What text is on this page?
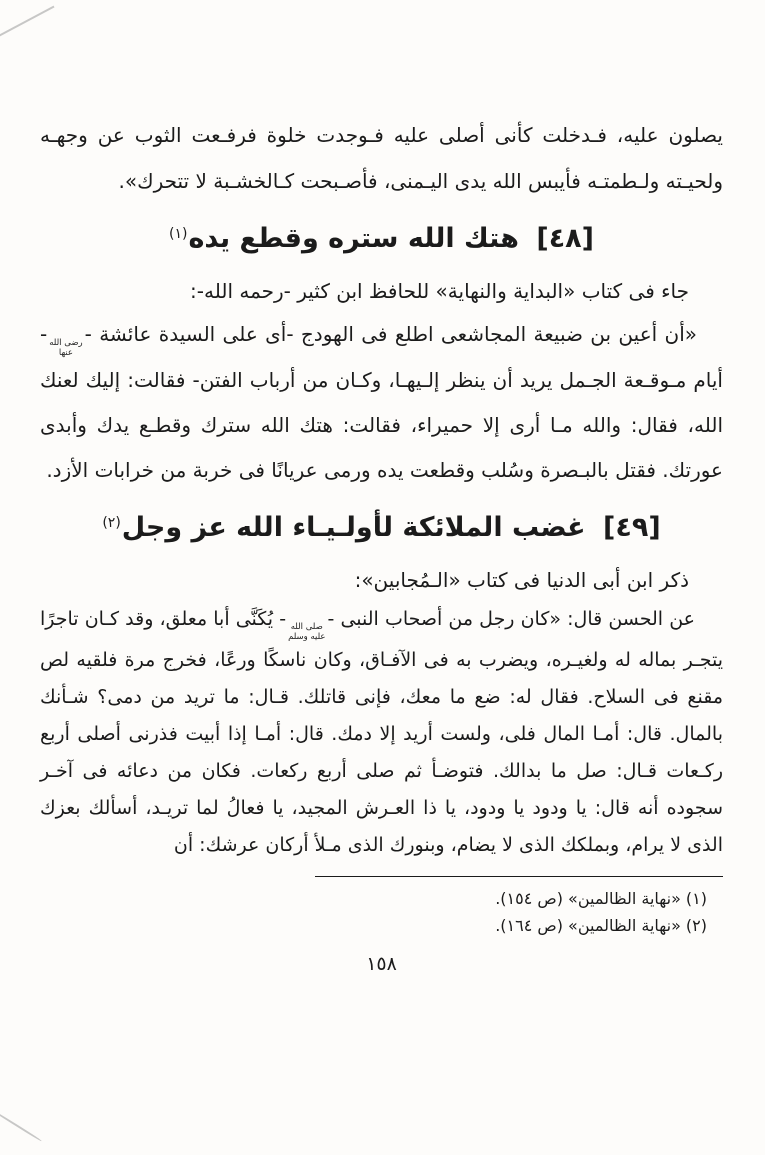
يصلون عليه، فـدخلت كأنى أصلى عليه فـوجدت خلوة فرفـعت الثوب عن وجهـه ولحيـته ولـطمتـه فأيبس الله يدى اليـمنى، فأصـبحت كـالخشـبة لا تتحرك».

[٤٨] هتك الله ستره وقطع يده$^{(١)}$

جاء فى كتاب «البداية والنهاية» للحافظ ابن كثير -رحمه الله-:

«أن أعين بن ضبيعة المجاشعى اطلع فى الهودج -أى على السيدة عائشة -
رضى الله
عنها
- أيام مـوقـعة الجـمل يريد أن ينظر إلـيهـا، وكـان من أرباب الفتن- فقالت: إليك لعنك الله، فقال: والله مـا أرى إلا حميراء، فقالت: هتك الله سترك وقطـع يدك وأبدى عورتك. فقتل بالبـصرة وسُلب وقطعت يده ورمى عريانًا فى خربة من خرابات الأزد.

[٤٩] غضب الملائكة لأولـيـاء الله عز وجل$^{(٢)}$

ذكر ابن أبى الدنيا فى كتاب «الـمُجابين»:

عن الحسن قال: «كان رجل من أصحاب النبى -
صلى الله
عليه وسلم
- يُكَنَّى أبا معلق، وقد كـان تاجرًا يتجـر بماله له ولغيـره، ويضرب به فى الآفـاق، وكان ناسكًا ورعًا، فخرج مرة فلقيه لص مقنع فى السلاح. فقال له: ضع ما معك، فإنى قاتلك. قـال: ما تريد من دمى؟ شـأنك بالمال. قال: أمـا المال فلى، ولست أريد إلا دمك. قال: أمـا إذا أبيت فذرنى أصلى أربع ركـعات قـال: صل ما بدالك. فتوضـأ ثم صلى أربع ركعات. فكان من دعائه فى آخـر سجوده أنه قال: يا ودود يا ودود، يا ذا العـرش المجيد، يا فعالُ لما تريـد، أسألك بعزك الذى لا يرام، وبملكك الذى لا يضام، وبنورك الذى مـلأ أركان عرشك: أن

(١)«نهاية الظالمين» (ص ١٥٤).

(٢)«نهاية الظالمين» (ص ١٦٤).

١٥٨
